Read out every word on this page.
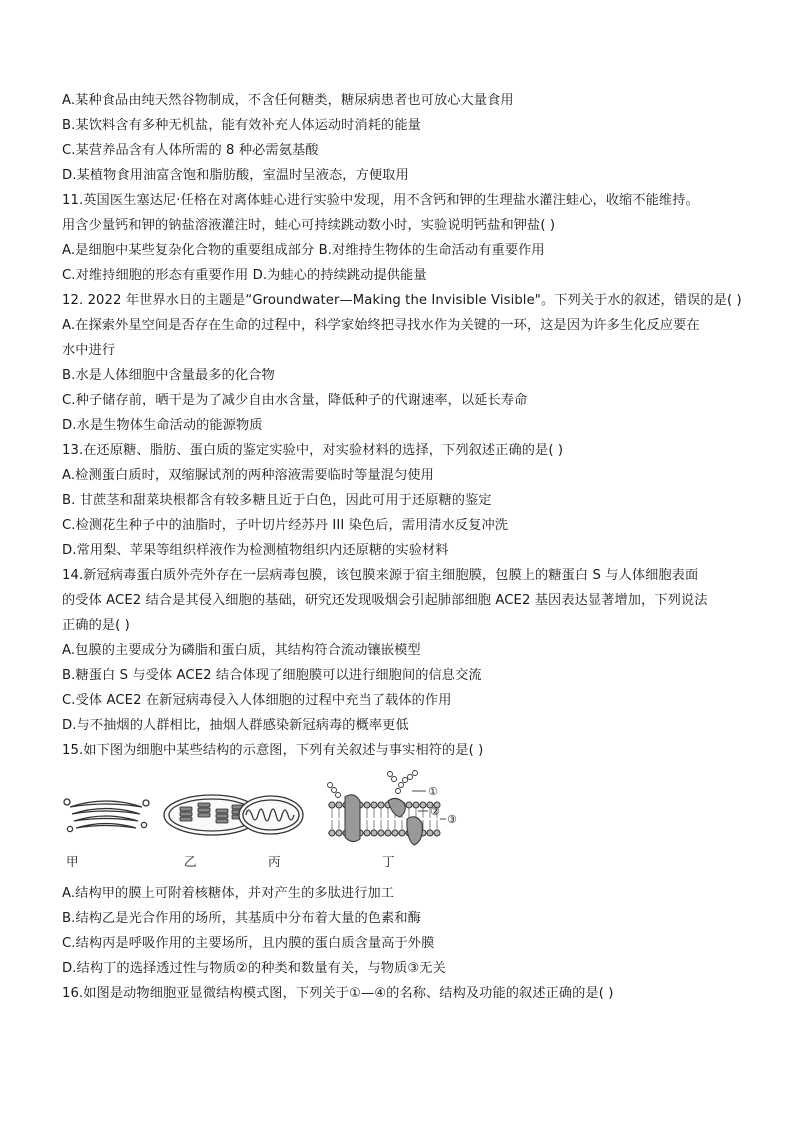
A.某种食品由纯天然谷物制成，不含任何糖类，糖尿病患者也可放心大量食用
B.某饮料含有多种无机盐，能有效补充人体运动时消耗的能量
C.某营养品含有人体所需的 8 种必需氨基酸
D.某植物食用油富含饱和脂肪酸，室温时呈液态，方便取用
11.英国医生塞达尼·任格在对离体蛙心进行实验中发现，用不含钙和钾的生理盐水灌注蛙心，收缩不能维持。
用含少量钙和钾的钠盐溶液灌注时，蛙心可持续跳动数小时，实验说明钙盐和钾盐( )
A.是细胞中某些复杂化合物的重要组成部分 B.对维持生物体的生命活动有重要作用
C.对维持细胞的形态有重要作用 D.为蛙心的持续跳动提供能量
12. 2022 年世界水日的主题是“Groundwater—Making the Invisible Visible"。下列关于水的叙述，错误的是( )
A.在探索外星空间是否存在生命的过程中，科学家始终把寻找水作为关键的一环，这是因为许多生化反应要在
水中进行
B.水是人体细胞中含量最多的化合物
C.种子储存前，晒干是为了减少自由水含量，降低种子的代谢速率，以延长寿命
D.水是生物体生命活动的能源物质
13.在还原糖、脂肪、蛋白质的鉴定实验中，对实验材料的选择，下列叙述正确的是( )
A.检测蛋白质时，双缩脲试剂的两种溶液需要临时等量混匀使用
B. 甘蔗茎和甜菜块根都含有较多糖且近于白色，因此可用于还原糖的鉴定
C.检测花生种子中的油脂时，子叶切片经苏丹 III 染色后，需用清水反复冲洗
D.常用梨、苹果等组织样液作为检测植物组织内还原糖的实验材料
14.新冠病毒蛋白质外壳外存在一层病毒包膜，该包膜来源于宿主细胞膜，包膜上的糖蛋白 S 与人体细胞表面
的受体 ACE2 结合是其侵入细胞的基础，研究还发现吸烟会引起肺部细胞 ACE2 基因表达显著增加，下列说法
正确的是( )
A.包膜的主要成分为磷脂和蛋白质，其结构符合流动镶嵌模型
B.糖蛋白 S 与受体 ACE2 结合体现了细胞膜可以进行细胞间的信息交流
C.受体 ACE2 在新冠病毒侵入人体细胞的过程中充当了载体的作用
D.与不抽烟的人群相比，抽烟人群感染新冠病毒的概率更低
15.如下图为细胞中某些结构的示意图，下列有关叙述与事实相符的是( )
①
②
③
甲	乙	丙	丁
A.结构甲的膜上可附着核糖体，并对产生的多肽进行加工
B.结构乙是光合作用的场所，其基质中分布着大量的色素和酶
C.结构丙是呼吸作用的主要场所，且内膜的蛋白质含量高于外膜
D.结构丁的选择透过性与物质②的种类和数量有关，与物质③无关
16.如图是动物细胞亚显微结构模式图，下列关于①—④的名称、结构及功能的叙述正确的是( )
